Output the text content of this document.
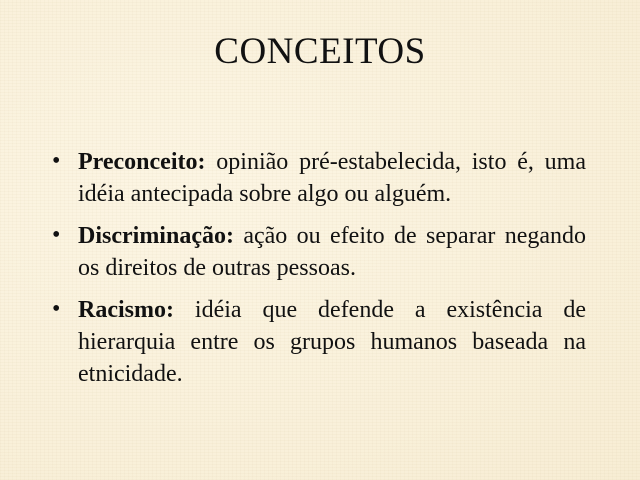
CONCEITOS
• Preconceito: opinião pré-estabelecida, isto é, uma idéia antecipada sobre algo ou alguém.
• Discriminação: ação ou efeito de separar negando os direitos de outras pessoas.
• Racismo: idéia que defende a existência de hierarquia entre os grupos humanos baseada na etnicidade.
